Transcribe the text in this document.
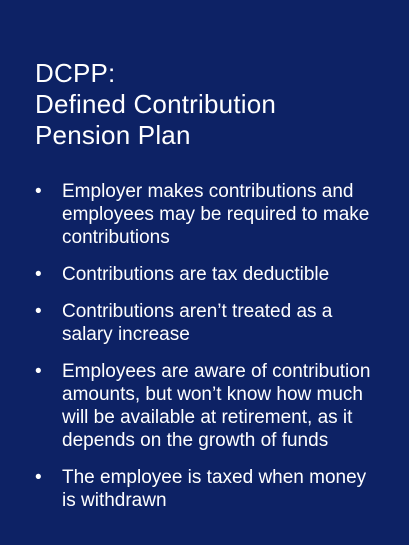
DCPP:
Defined Contribution
Pension Plan
•	Employer makes contributions and employees may be required to make contributions
•	Contributions are tax deductible
•	Contributions aren’t treated as a salary increase
•	Employees are aware of contribution amounts, but won’t know how much will be available at retirement, as it depends on the growth of funds
•	The employee is taxed when money is withdrawn
